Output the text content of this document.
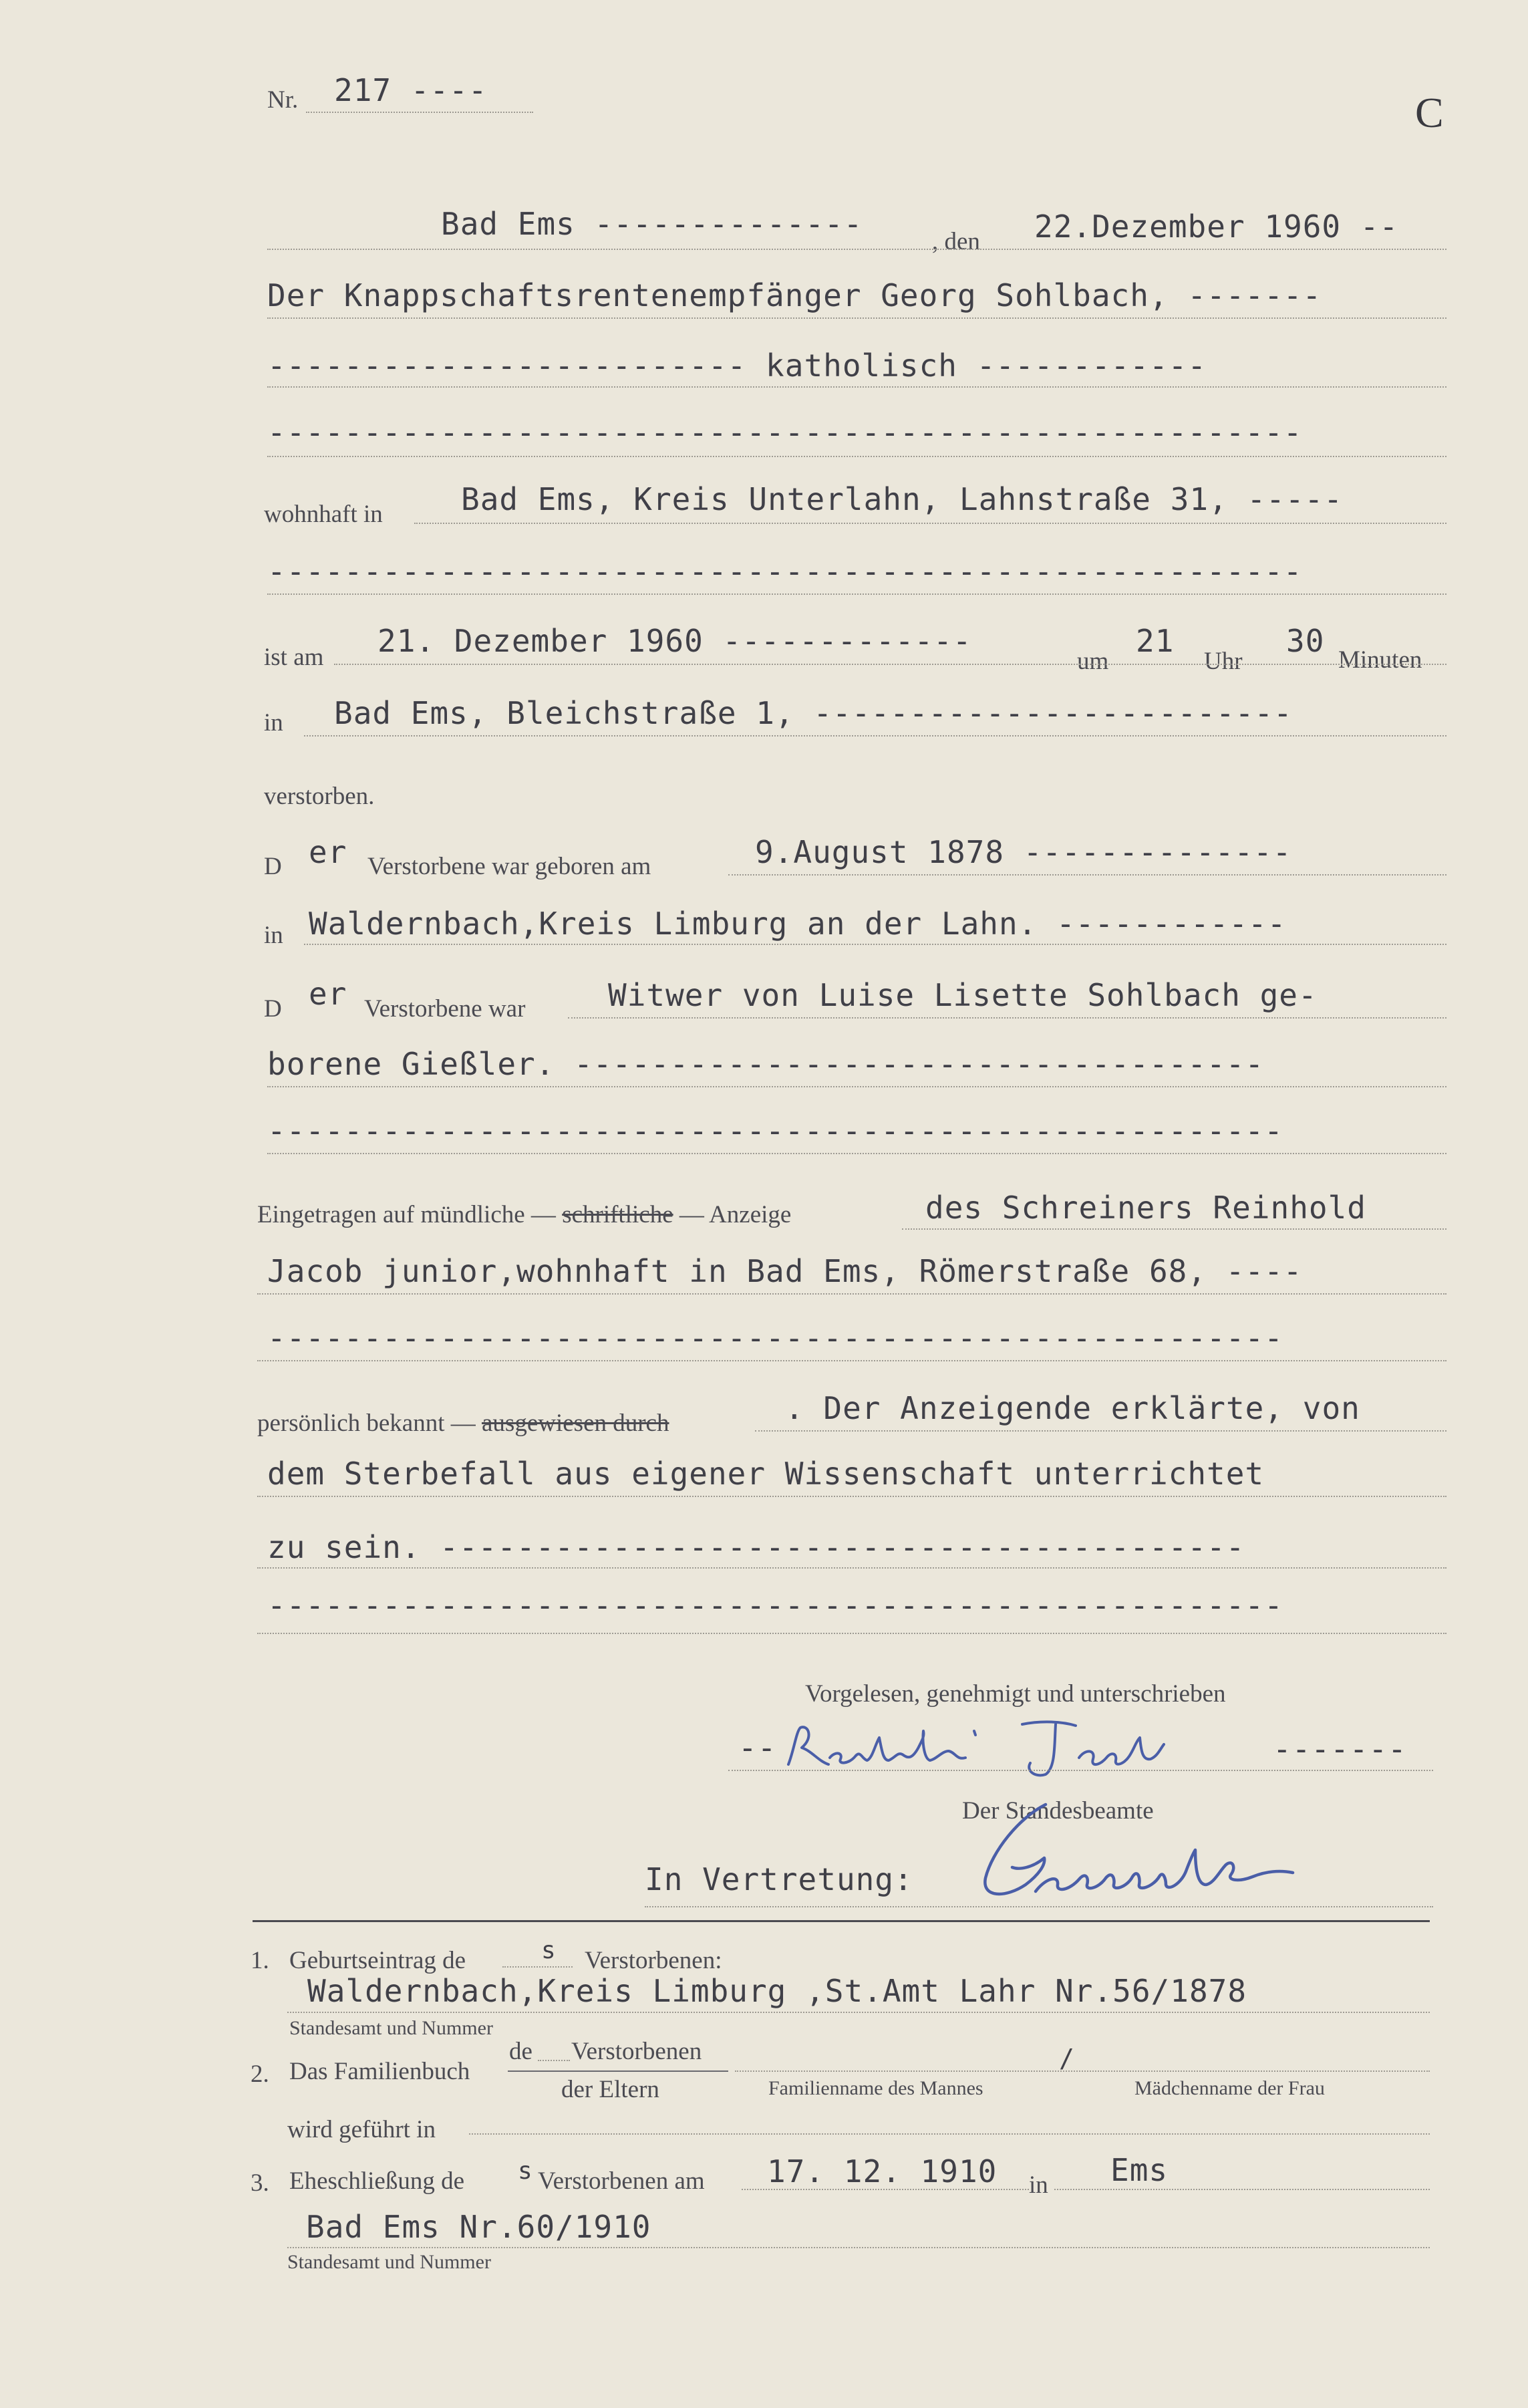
Nr. 217 ----	C
Bad Ems --------------	, den 22.Dezember 1960 --
Der Knappschaftsrentenempfänger Georg Sohlbach, -------
------------------------- katholisch ------------
------------------------------------------------------
wohnhaft in	Bad Ems, Kreis Unterlahn, Lahnstraße 31, -----
------------------------------------------------------
ist am 21. Dezember 1960 -------------
um
21
Uhr
30
Minuten
in Bad Ems, Bleichstraße 1, -------------------------
verstorben.
D er Verstorbene war geboren am	9.August 1878 --------------
in Waldernbach,Kreis Limburg an der Lahn. ------------
D er Verstorbene war	Witwer von Luise Lisette Sohlbach ge-
borene Gießler. ------------------------------------
-----------------------------------------------------
Eingetragen auf mündliche — schriftliche — Anzeige	des Schreiners Reinhold
Jacob junior,wohnhaft in Bad Ems, Römerstraße 68, ----
-----------------------------------------------------
persönlich bekannt — ausgewiesen durch	. Der Anzeigende erklärte, von
dem Sterbefall aus eigener Wissenschaft unterrichtet
zu sein. ------------------------------------------
-----------------------------------------------------
Vorgelesen, genehmigt und unterschrieben
--	-------
Der Standesbeamte
In Vertretung:
1. Geburtseintrag de	s Verstorbenen:
Waldernbach,Kreis Limburg ,St.Amt Lahr Nr.56/1878
Standesamt und Nummer
2. Das Familienbuch
de Verstorbenen
der Eltern
/
Familienname des Mannes	Mädchenname der Frau
wird geführt in
3. Eheschließung de s Verstorbenen am 17. 12. 1910 in Ems
Bad Ems Nr.60/1910
Standesamt und Nummer
